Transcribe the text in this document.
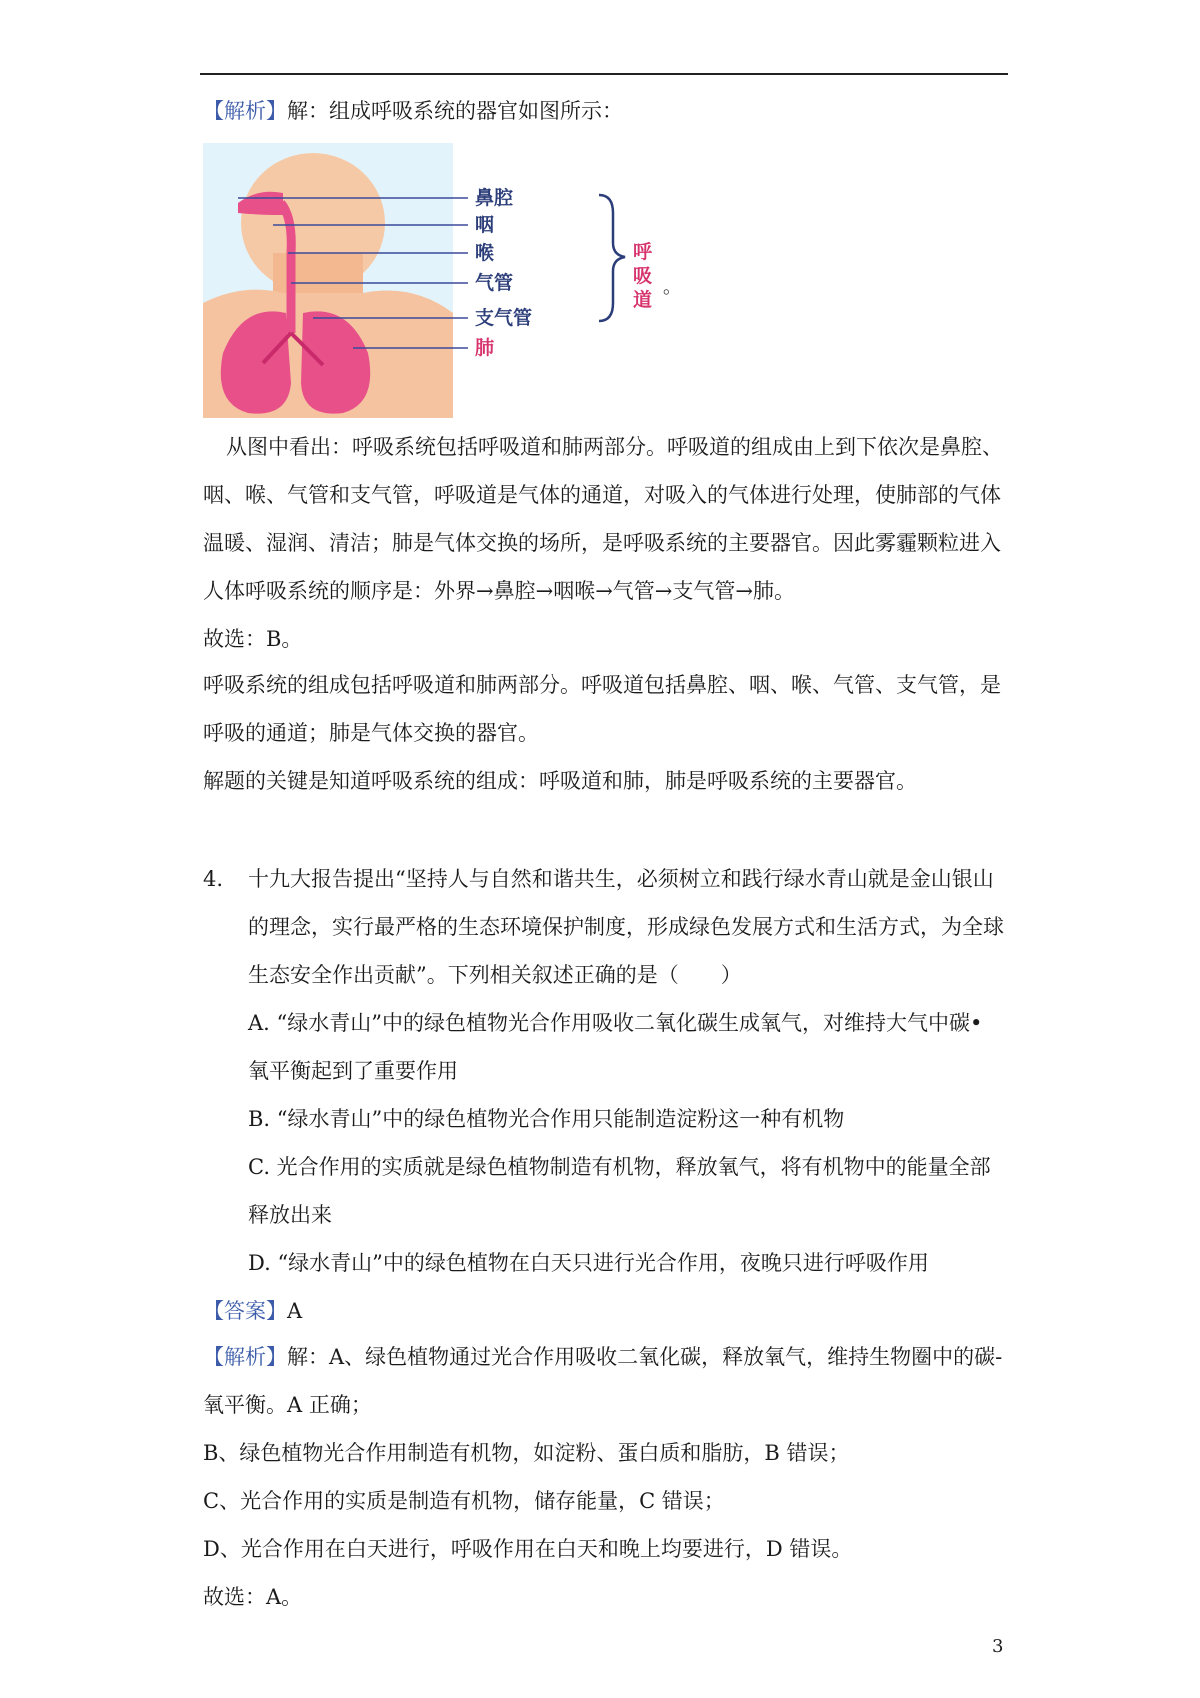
【解析】解：组成呼吸系统的器官如图所示：
鼻腔
咽
喉
气管
支气管
肺
呼吸道
。
从图中看出：呼吸系统包括呼吸道和肺两部分。呼吸道的组成由上到下依次是鼻腔、
咽、喉、气管和支气管，呼吸道是气体的通道，对吸入的气体进行处理，使肺部的气体
温暖、湿润、清洁；肺是气体交换的场所，是呼吸系统的主要器官。因此雾霾颗粒进入
人体呼吸系统的顺序是：外界→鼻腔→咽喉→气管→支气管→肺。
故选：B。
呼吸系统的组成包括呼吸道和肺两部分。呼吸道包括鼻腔、咽、喉、气管、支气管，是
呼吸的通道；肺是气体交换的器官。
解题的关键是知道呼吸系统的组成：呼吸道和肺，肺是呼吸系统的主要器官。
4. 十九大报告提出“坚持人与自然和谐共生，必须树立和践行绿水青山就是金山银山
的理念，实行最严格的生态环境保护制度，形成绿色发展方式和生活方式，为全球
生态安全作出贡献”。下列相关叙述正确的是（　　）
A. “绿水青山”中的绿色植物光合作用吸收二氧化碳生成氧气，对维持大气中碳•
氧平衡起到了重要作用
B. “绿水青山”中的绿色植物光合作用只能制造淀粉这一种有机物
C. 光合作用的实质就是绿色植物制造有机物，释放氧气，将有机物中的能量全部
释放出来
D. “绿水青山”中的绿色植物在白天只进行光合作用，夜晚只进行呼吸作用
【答案】A
【解析】解：A、绿色植物通过光合作用吸收二氧化碳，释放氧气，维持生物圈中的碳-
氧平衡。A 正确；
B、绿色植物光合作用制造有机物，如淀粉、蛋白质和脂肪，B 错误；
C、光合作用的实质是制造有机物，储存能量，C 错误；
D、光合作用在白天进行，呼吸作用在白天和晚上均要进行，D 错误。
故选：A。
3
